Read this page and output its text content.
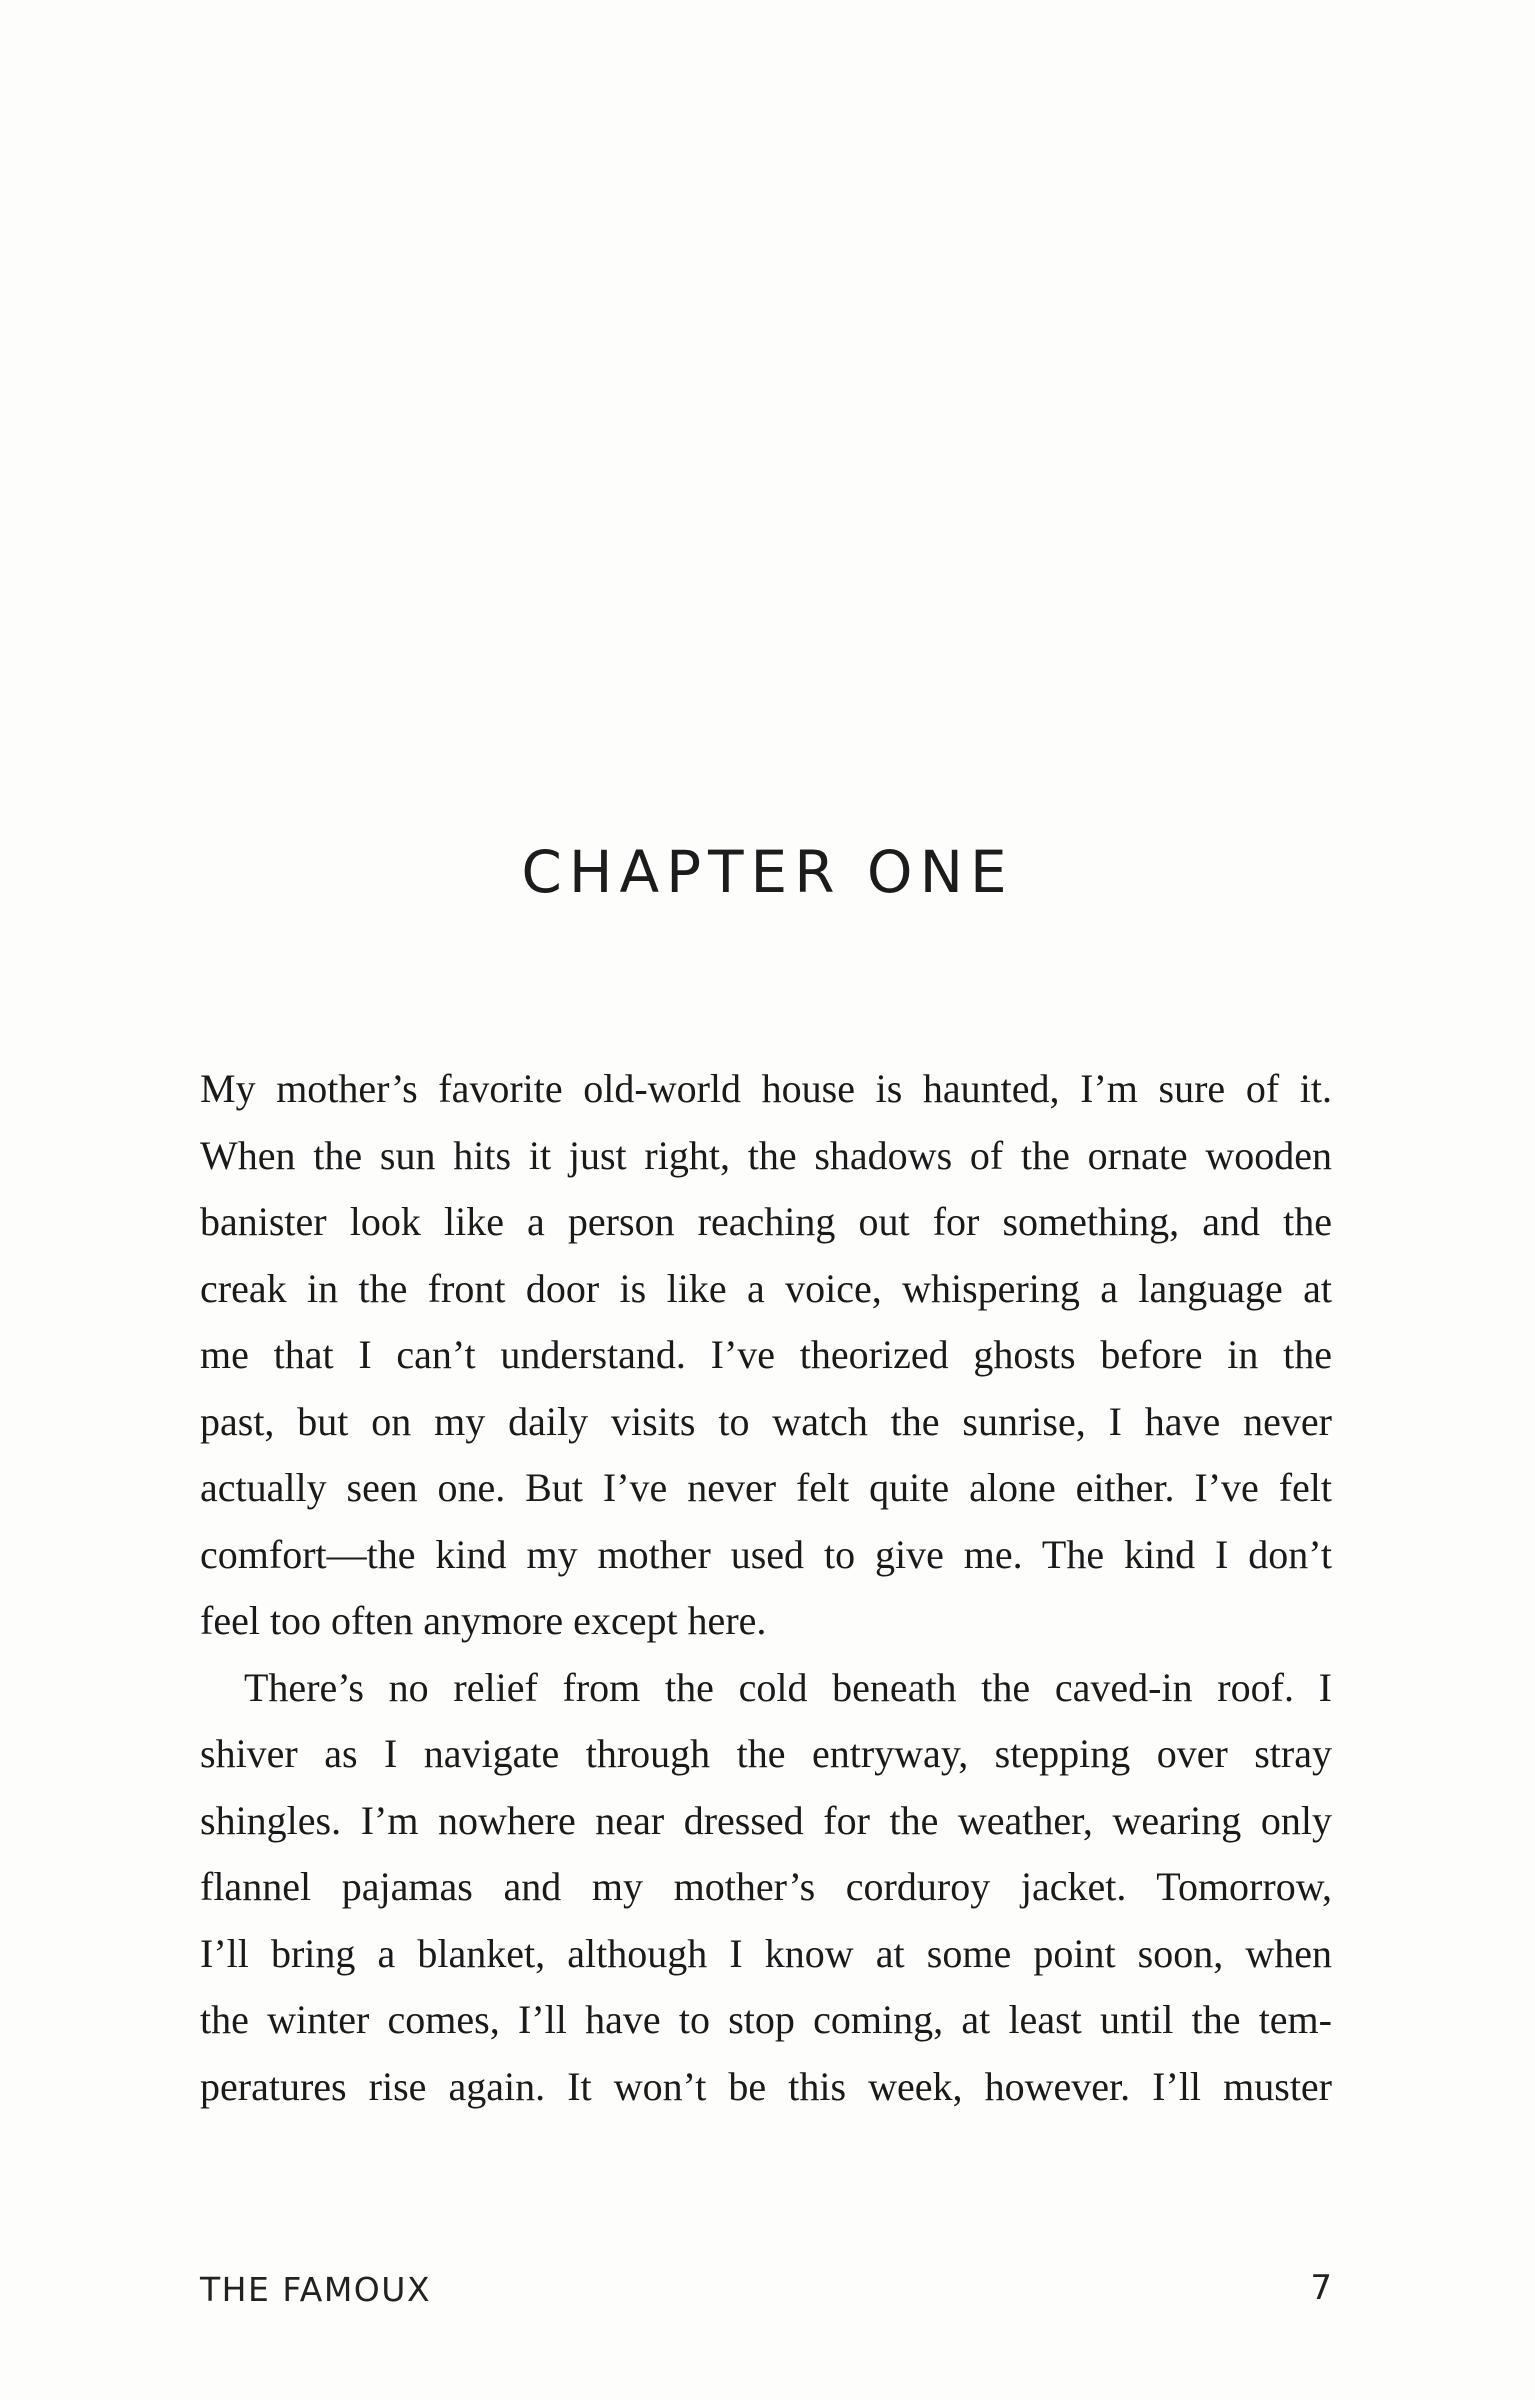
CHAPTER ONE
My mother’s favorite old-world house is haunted, I’m sure of it.
When the sun hits it just right, the shadows of the ornate wooden
banister look like a person reaching out for something, and the
creak in the front door is like a voice, whispering a language at
me that I can’t understand. I’ve theorized ghosts before in the
past, but on my daily visits to watch the sunrise, I have never
actually seen one. But I’ve never felt quite alone either. I’ve felt
comfort—the kind my mother used to give me. The kind I don’t
feel too often anymore except here.
There’s no relief from the cold beneath the caved-in roof. I
shiver as I navigate through the entryway, stepping over stray
shingles. I’m nowhere near dressed for the weather, wearing only
flannel pajamas and my mother’s corduroy jacket. Tomorrow,
I’ll bring a blanket, although I know at some point soon, when
the winter comes, I’ll have to stop coming, at least until the tem-
peratures rise again. It won’t be this week, however. I’ll muster
THE FAMOUX	7
